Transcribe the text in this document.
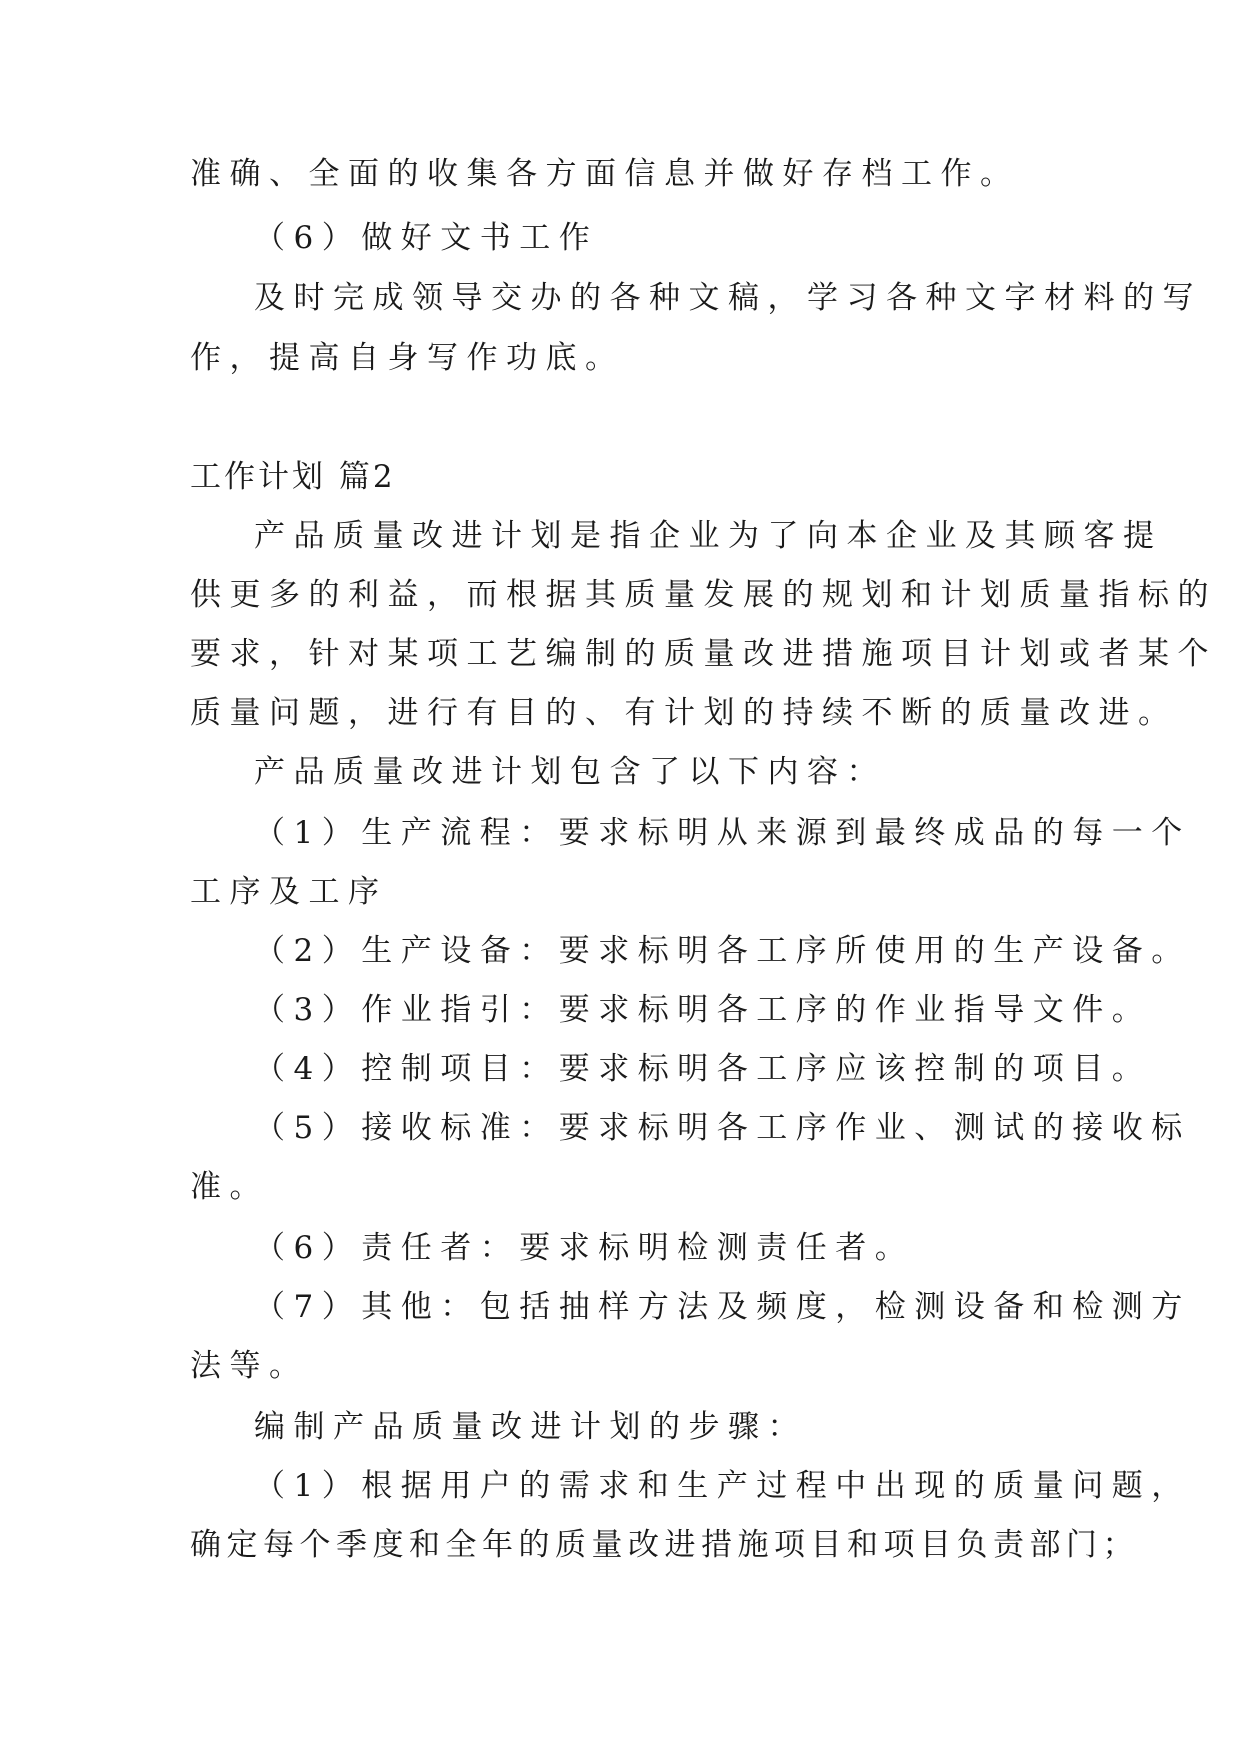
准确、全面的收集各方面信息并做好存档工作。
（6）做好文书工作
及时完成领导交办的各种文稿，学习各种文字材料的写
作，提高自身写作功底。
工作计划 篇2
产品质量改进计划是指企业为了向本企业及其顾客提
供更多的利益，而根据其质量发展的规划和计划质量指标的
要求，针对某项工艺编制的质量改进措施项目计划或者某个
质量问题，进行有目的、有计划的持续不断的质量改进。
产品质量改进计划包含了以下内容：
（1）生产流程：要求标明从来源到最终成品的每一个
工序及工序
（2）生产设备：要求标明各工序所使用的生产设备。
（3）作业指引：要求标明各工序的作业指导文件。
（4）控制项目：要求标明各工序应该控制的项目。
（5）接收标准：要求标明各工序作业、测试的接收标
准。
（6）责任者：要求标明检测责任者。
（7）其他：包括抽样方法及频度，检测设备和检测方
法等。
编制产品质量改进计划的步骤：
（1）根据用户的需求和生产过程中出现的质量问题，
确定每个季度和全年的质量改进措施项目和项目负责部门；
